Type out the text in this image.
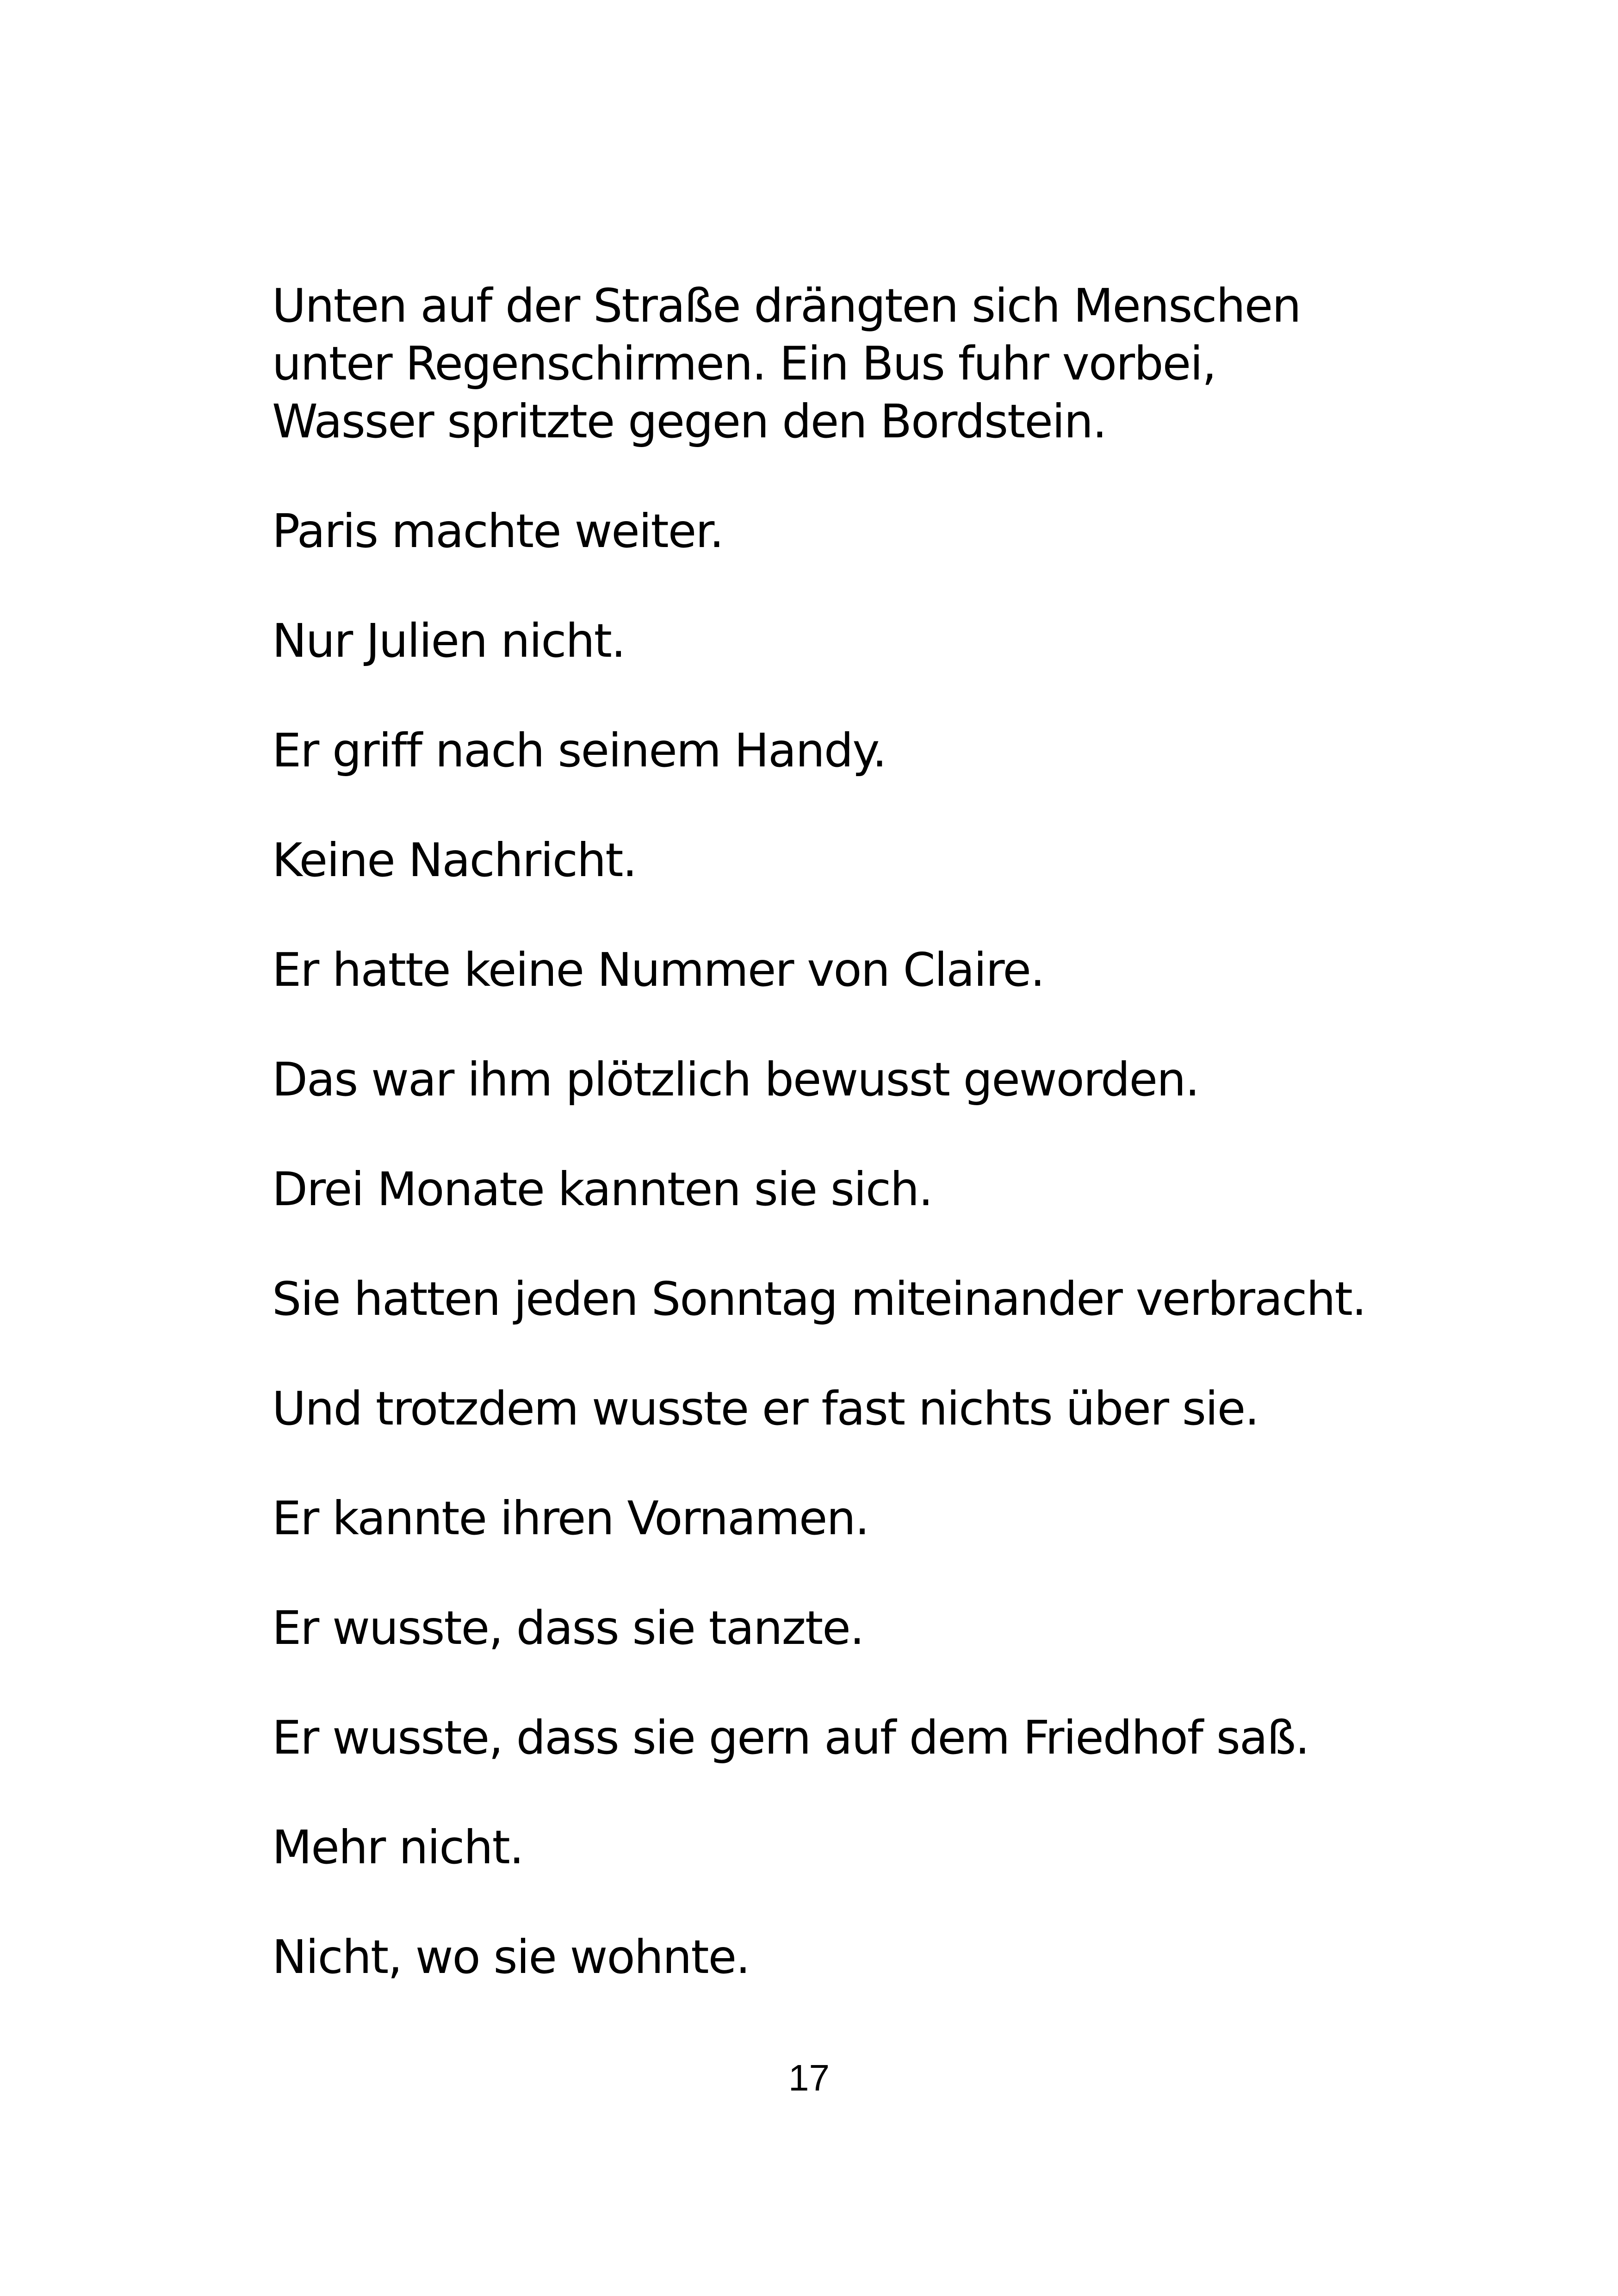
Unten auf der Straße drängten sich Menschen unter Regenschirmen. Ein Bus fuhr vorbei, Wasser spritzte gegen den Bordstein.

Paris machte weiter.

Nur Julien nicht.

Er griff nach seinem Handy.

Keine Nachricht.

Er hatte keine Nummer von Claire.

Das war ihm plötzlich bewusst geworden.

Drei Monate kannten sie sich.

Sie hatten jeden Sonntag miteinander verbracht.

Und trotzdem wusste er fast nichts über sie.

Er kannte ihren Vornamen.

Er wusste, dass sie tanzte.

Er wusste, dass sie gern auf dem Friedhof saß.

Mehr nicht.

Nicht, wo sie wohnte.

17
